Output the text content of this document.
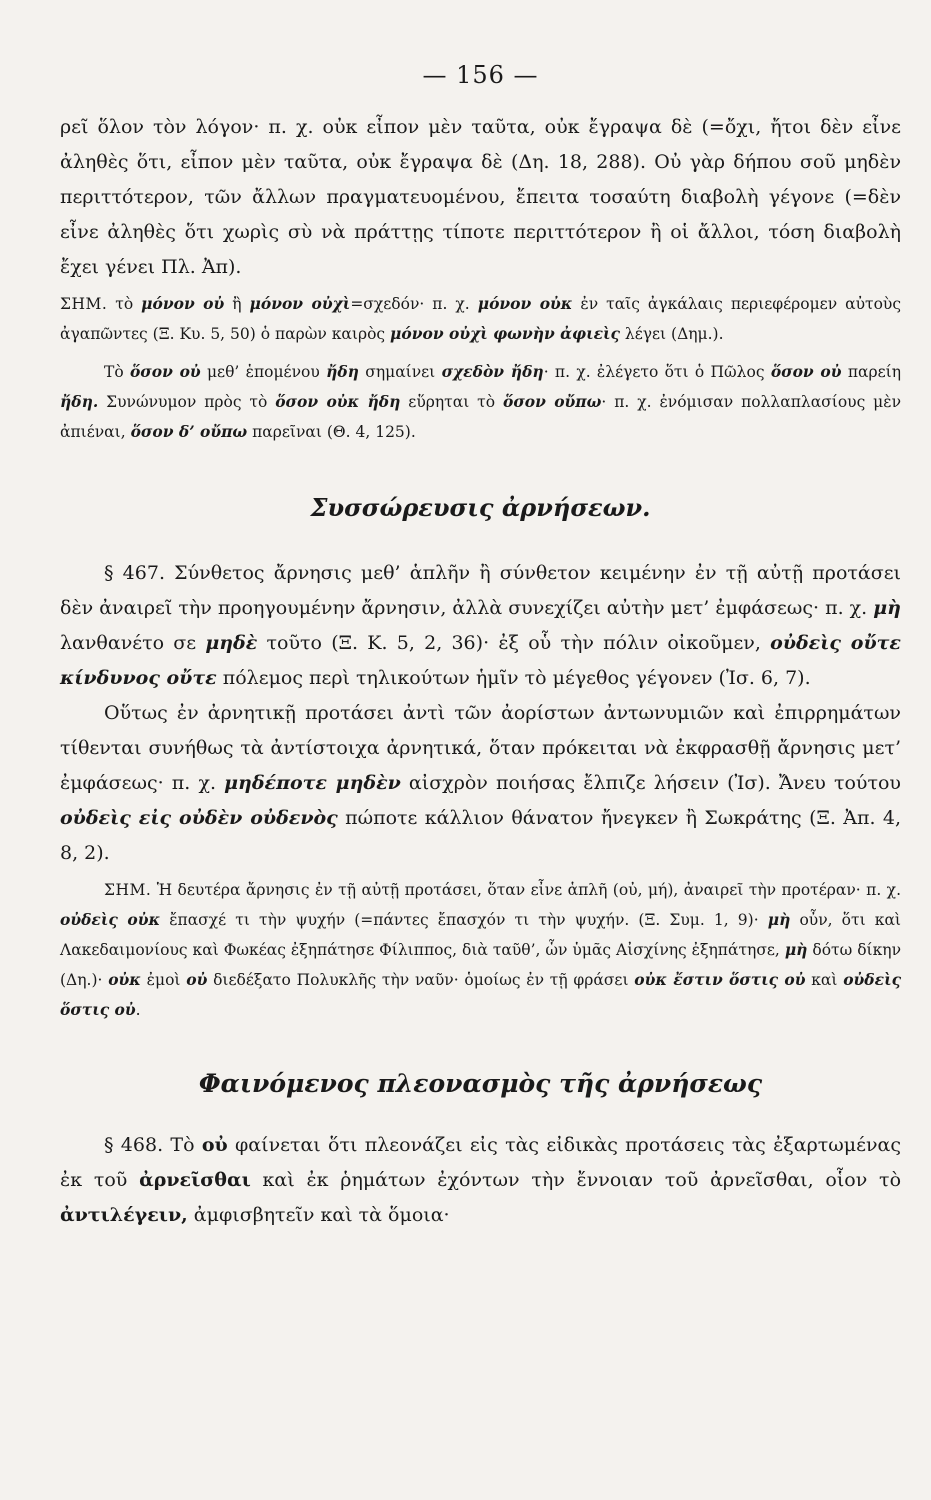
— 156 —

ρεῖ ὅλον τὸν λόγον· π. χ. οὐκ εἶπον μὲν ταῦτα, οὐκ ἔγραψα δὲ (=ὄχι, ἤτοι δὲν εἶνε ἀληθὲς ὅτι, εἶπον μὲν ταῦτα, οὐκ ἔγραψα δὲ (Δη. 18, 288). Οὐ γὰρ δήπου σοῦ μηδὲν περιττότερον, τῶν ἄλλων πραγματευομένου, ἔπειτα τοσαύτη διαβολὴ γέγονε (=δὲν εἶνε ἀληθὲς ὅτι χωρὶς σὺ νὰ πράττῃς τίποτε περιττότερον ἢ οἱ ἄλλοι, τόση διαβολὴ ἔχει γένει Πλ. Ἀπ).

ΣΗΜ. τὸ μόνον οὐ ἢ μόνον οὐχὶ=σχεδόν· π. χ. μόνον οὐκ ἐν ταῖς ἀγκάλαις περιεφέρομεν αὐτοὺς ἀγαπῶντες (Ξ. Κυ. 5, 50) ὁ παρὼν καιρὸς μόνον οὐχὶ φωνὴν ἀφιεὶς λέγει (Δημ.).

Τὸ ὅσον οὐ μεθ’ ἑπομένου ἤδη σημαίνει σχεδὸν ἤδη· π. χ. ἐλέγετο ὅτι ὁ Πῶλος ὅσον οὐ παρείη ἤδη. Συνώνυμον πρὸς τὸ ὅσον οὐκ ἤδη εὕρηται τὸ ὅσον οὔπω· π. χ. ἐνόμισαν πολλαπλασίους μὲν ἀπιέναι, ὅσον δ’ οὔπω παρεῖναι (Θ. 4, 125).

Συσσώρευσις ἀρνήσεων.

§ 467. Σύνθετος ἄρνησις μεθ’ ἁπλῆν ἢ σύνθετον κειμένην ἐν τῇ αὐτῇ προτάσει δὲν ἀναιρεῖ τὴν προηγουμένην ἄρνησιν, ἀλλὰ συνεχίζει αὐτὴν μετ’ ἐμφάσεως· π. χ. μὴ λανθανέτο σε μηδὲ τοῦτο (Ξ. Κ. 5, 2, 36)· ἐξ οὗ τὴν πόλιν οἰκοῦμεν, οὐδεὶς οὔτε κίνδυνος οὔτε πόλεμος περὶ τηλικούτων ἡμῖν τὸ μέγεθος γέγονεν (Ἰσ. 6, 7).

Οὕτως ἐν ἀρνητικῇ προτάσει ἀντὶ τῶν ἀορίστων ἀντωνυμιῶν καὶ ἐπιρρημάτων τίθενται συνήθως τὰ ἀντίστοιχα ἀρνητικά, ὅταν πρόκειται νὰ ἐκφρασθῇ ἄρνησις μετ’ ἐμφάσεως· π. χ. μηδέποτε μηδὲν αἰσχρὸν ποιήσας ἔλπιζε λήσειν (Ἰσ). Ἄνευ τούτου οὐδεὶς εἰς οὐδὲν οὐδενὸς πώποτε κάλλιον θάνατον ἤνεγκεν ἢ Σωκράτης (Ξ. Ἀπ. 4, 8, 2).

ΣΗΜ. Ἡ δευτέρα ἄρνησις ἐν τῇ αὐτῇ προτάσει, ὅταν εἶνε ἁπλῆ (οὐ, μή), ἀναιρεῖ τὴν προτέραν· π. χ. οὐδεὶς οὐκ ἔπασχέ τι τὴν ψυχήν (=πάντες ἔπασχόν τι τὴν ψυχήν. (Ξ. Συμ. 1, 9)· μὴ οὖν, ὅτι καὶ Λακεδαιμονίους καὶ Φωκέας ἐξηπάτησε Φίλιππος, διὰ ταῦθ’, ὧν ὑμᾶς Αἰσχίνης ἐξηπάτησε, μὴ δότω δίκην (Δη.)· οὐκ ἐμοὶ οὐ διεδέξατο Πολυκλῆς τὴν ναῦν· ὁμοίως ἐν τῇ φράσει οὐκ ἔστιν ὅστις οὐ καὶ οὐδεὶς ὅστις οὐ.

Φαινόμενος πλεονασμὸς τῆς ἀρνήσεως

§ 468. Τὸ οὐ φαίνεται ὅτι πλεονάζει εἰς τὰς εἰδικὰς προτάσεις τὰς ἐξαρτωμένας ἐκ τοῦ ἀρνεῖσθαι καὶ ἐκ ῥημάτων ἐχόντων τὴν ἔννοιαν τοῦ ἀρνεῖσθαι, οἷον τὸ ἀντιλέγειν, ἀμφισβητεῖν καὶ τὰ ὅμοια·
